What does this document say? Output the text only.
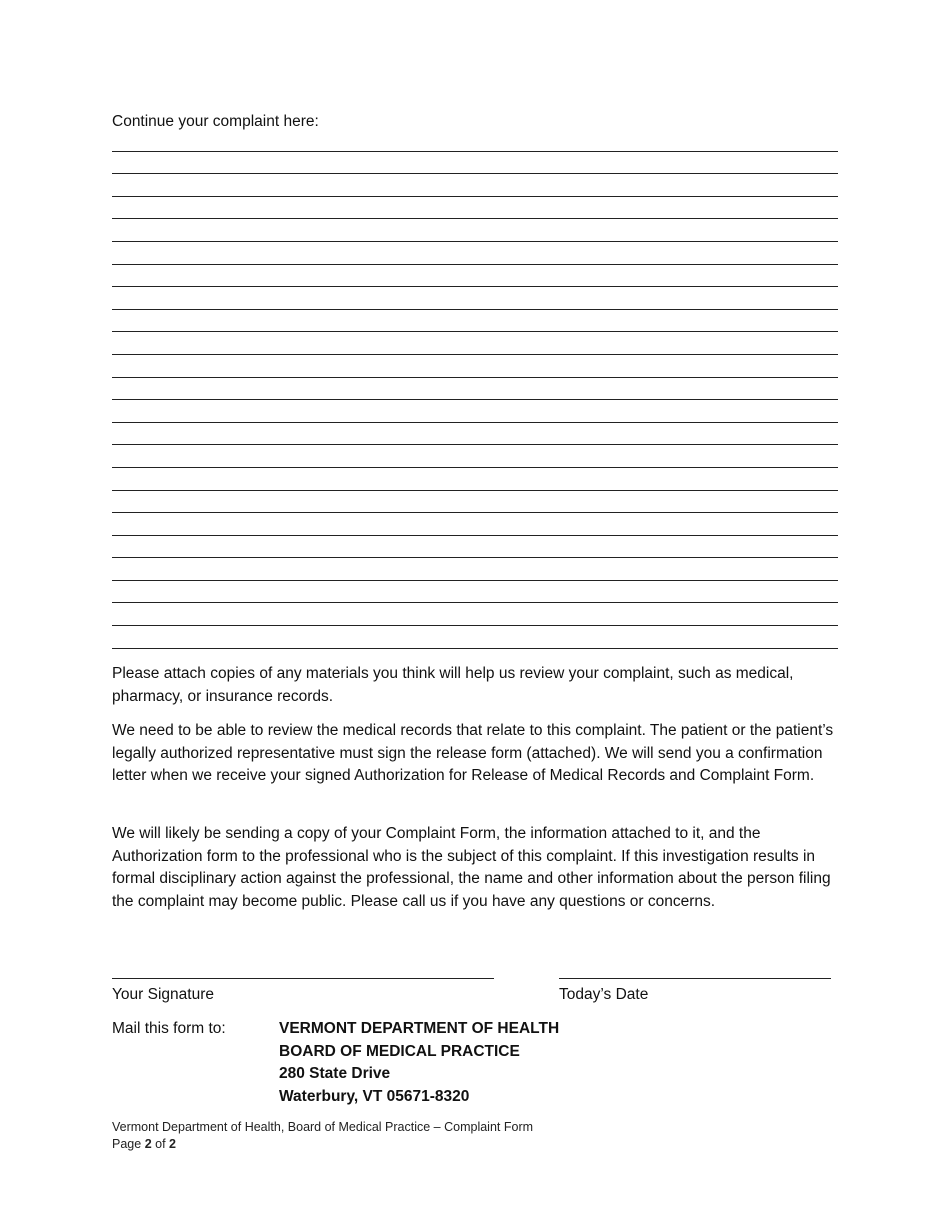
Continue your complaint here:

Please attach copies of any materials you think will help us review your complaint, such as medical, pharmacy, or insurance records.

We need to be able to review the medical records that relate to this complaint. The patient or the patient’s legally authorized representative must sign the release form (attached). We will send you a confirmation letter when we receive your signed Authorization for Release of Medical Records and Complaint Form.

We will likely be sending a copy of your Complaint Form, the information attached to it, and the Authorization form to the professional who is the subject of this complaint. If this investigation results in formal disciplinary action against the professional, the name and other information about the person filing the complaint may become public. Please call us if you have any questions or concerns.

Your Signature	Today’s Date
Mail this form to:	VERMONT DEPARTMENT OF HEALTH
BOARD OF MEDICAL PRACTICE
280 State Drive
Waterbury, VT 05671-8320
Vermont Department of Health, Board of Medical Practice – Complaint Form
Page 2 of 2
